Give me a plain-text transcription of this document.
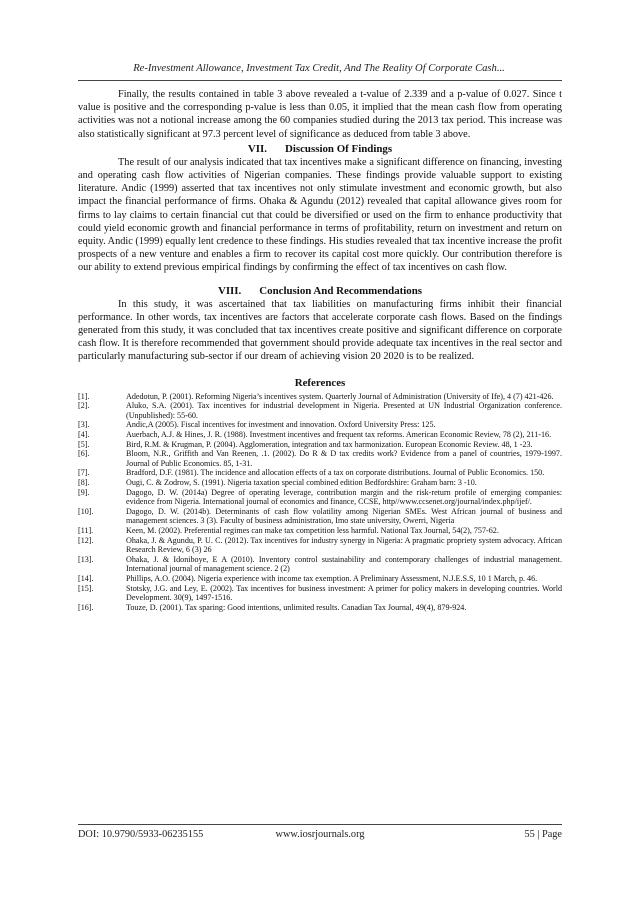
Re-Investment Allowance, Investment Tax Credit, And The Reality Of Corporate Cash...

Finally, the results contained in table 3 above revealed a t-value of 2.339 and a p-value of 0.027. Since t value is positive and the corresponding p-value is less than 0.05, it implied that the mean cash flow from operating activities was not a notional increase among the 60 companies studied during the 2013 tax period. This increase was also statistically significant at 97.3 percent level of significance as deduced from table 3 above.

VII. Discussion Of Findings

The result of our analysis indicated that tax incentives make a significant difference on financing, investing and operating cash flow activities of Nigerian companies. These findings provide valuable support to existing literature. Andic (1999) asserted that tax incentives not only stimulate investment and economic growth, but also impact the financial performance of firms. Ohaka & Agundu (2012) revealed that capital allowance gives room for firms to lay claims to certain financial cut that could be diversified or used on the firm to enhance productivity that could yield economic growth and financial performance in terms of profitability, return on investment and return on equity. Andic (1999) equally lent credence to these findings. His studies revealed that tax incentive increase the profit prospects of a new venture and enables a firm to recover its capital cost more quickly. Our contribution therefore is our ability to extend previous empirical findings by confirming the effect of tax incentives on cash flow.

VIII. Conclusion And Recommendations

In this study, it was ascertained that tax liabilities on manufacturing firms inhibit their financial performance. In other words, tax incentives are factors that accelerate corporate cash flows. Based on the findings generated from this study, it was concluded that tax incentives create positive and significant difference on corporate cash flow. It is therefore recommended that government should provide adequate tax incentives in the real sector and particularly manufacturing sub-sector if our dream of achieving vision 20 2020 is to be realized.

References
[1].	Adedotun, P. (2001). Reforming Nigeria’s incentives system. Quarterly Journal of Administration (University of Ife), 4 (7) 421-426.
[2].	Aluko, S.A. (2001). Tax incentives for industrial development in Nigeria. Presented at UN Industrial Organization conference. (Unpublished): 55-60.
[3].	Andic,A (2005). Fiscal incentives for investment and innovation. Oxford University Press: 125.
[4].	Auerbach, A.J. & Hines, J. R. (1988). Investment incentives and frequent tax reforms. American Economic Review, 78 (2), 211-16.
[5].	Bird, R.M. & Krugman, P. (2004). Agglomeration, integration and tax harmonization. European Economic Review. 48, 1 -23.
[6].	Bloom, N.R., Griffith and Van Reenen, .1. (2002). Do R & D tax credits work? Evidence from a panel of countries, 1979-1997. Journal of Public Economics. 85, 1-31.
[7].	Bradford, D.F. (1981). The incidence and allocation effects of a tax on corporate distributions. Journal of Public Economics. 150.
[8].	Ougi, C. & Zodrow, S. (1991). Nigeria taxation special combined edition Bedfordshire: Graham barn: 3 -10.
[9].	Dagogo, D. W. (2014a) Degree of operating leverage, contribution margin and the risk-return profile of emerging companies: evidence from Nigeria. International journal of economics and finance, CCSE, http//www.ccsenet.org/journal/index.php/ijef/.
[10].	Dagogo, D. W. (2014b). Determinants of cash flow volatility among Nigerian SMEs. West African journal of business and management sciences. 3 (3). Faculty of business administration, Imo state university, Owerri, Nigeria
[11].	Keen, M. (2002). Preferential regimes can make tax competition less harmful. National Tax Journal, 54(2), 757-62.
[12].	Ohaka, J. & Agundu, P. U. C. (2012). Tax incentives for industry synergy in Nigeria: A pragmatic propriety system advocacy. African Research Review, 6 (3) 26
[13].	Ohaka, J. & Idoniboye, E A (2010). Inventory control sustainability and contemporary challenges of industrial management. International journal of management science. 2 (2)
[14].	Phillips, A.O. (2004). Nigeria experience with income tax exemption. A Preliminary Assessment, N.J.E.S.S, 10 1 March, p. 46.
[15].	Stotsky, J.G. and Ley, E. (2002). Tax incentives for business investment: A primer for policy makers in developing countries. World Development. 30(9), 1497-1516.
[16].	Touze, D. (2001). Tax sparing: Good intentions, unlimited results. Canadian Tax Journal, 49(4), 879-924.
DOI: 10.9790/5933-06235155	www.iosrjournals.org	55 | Page
